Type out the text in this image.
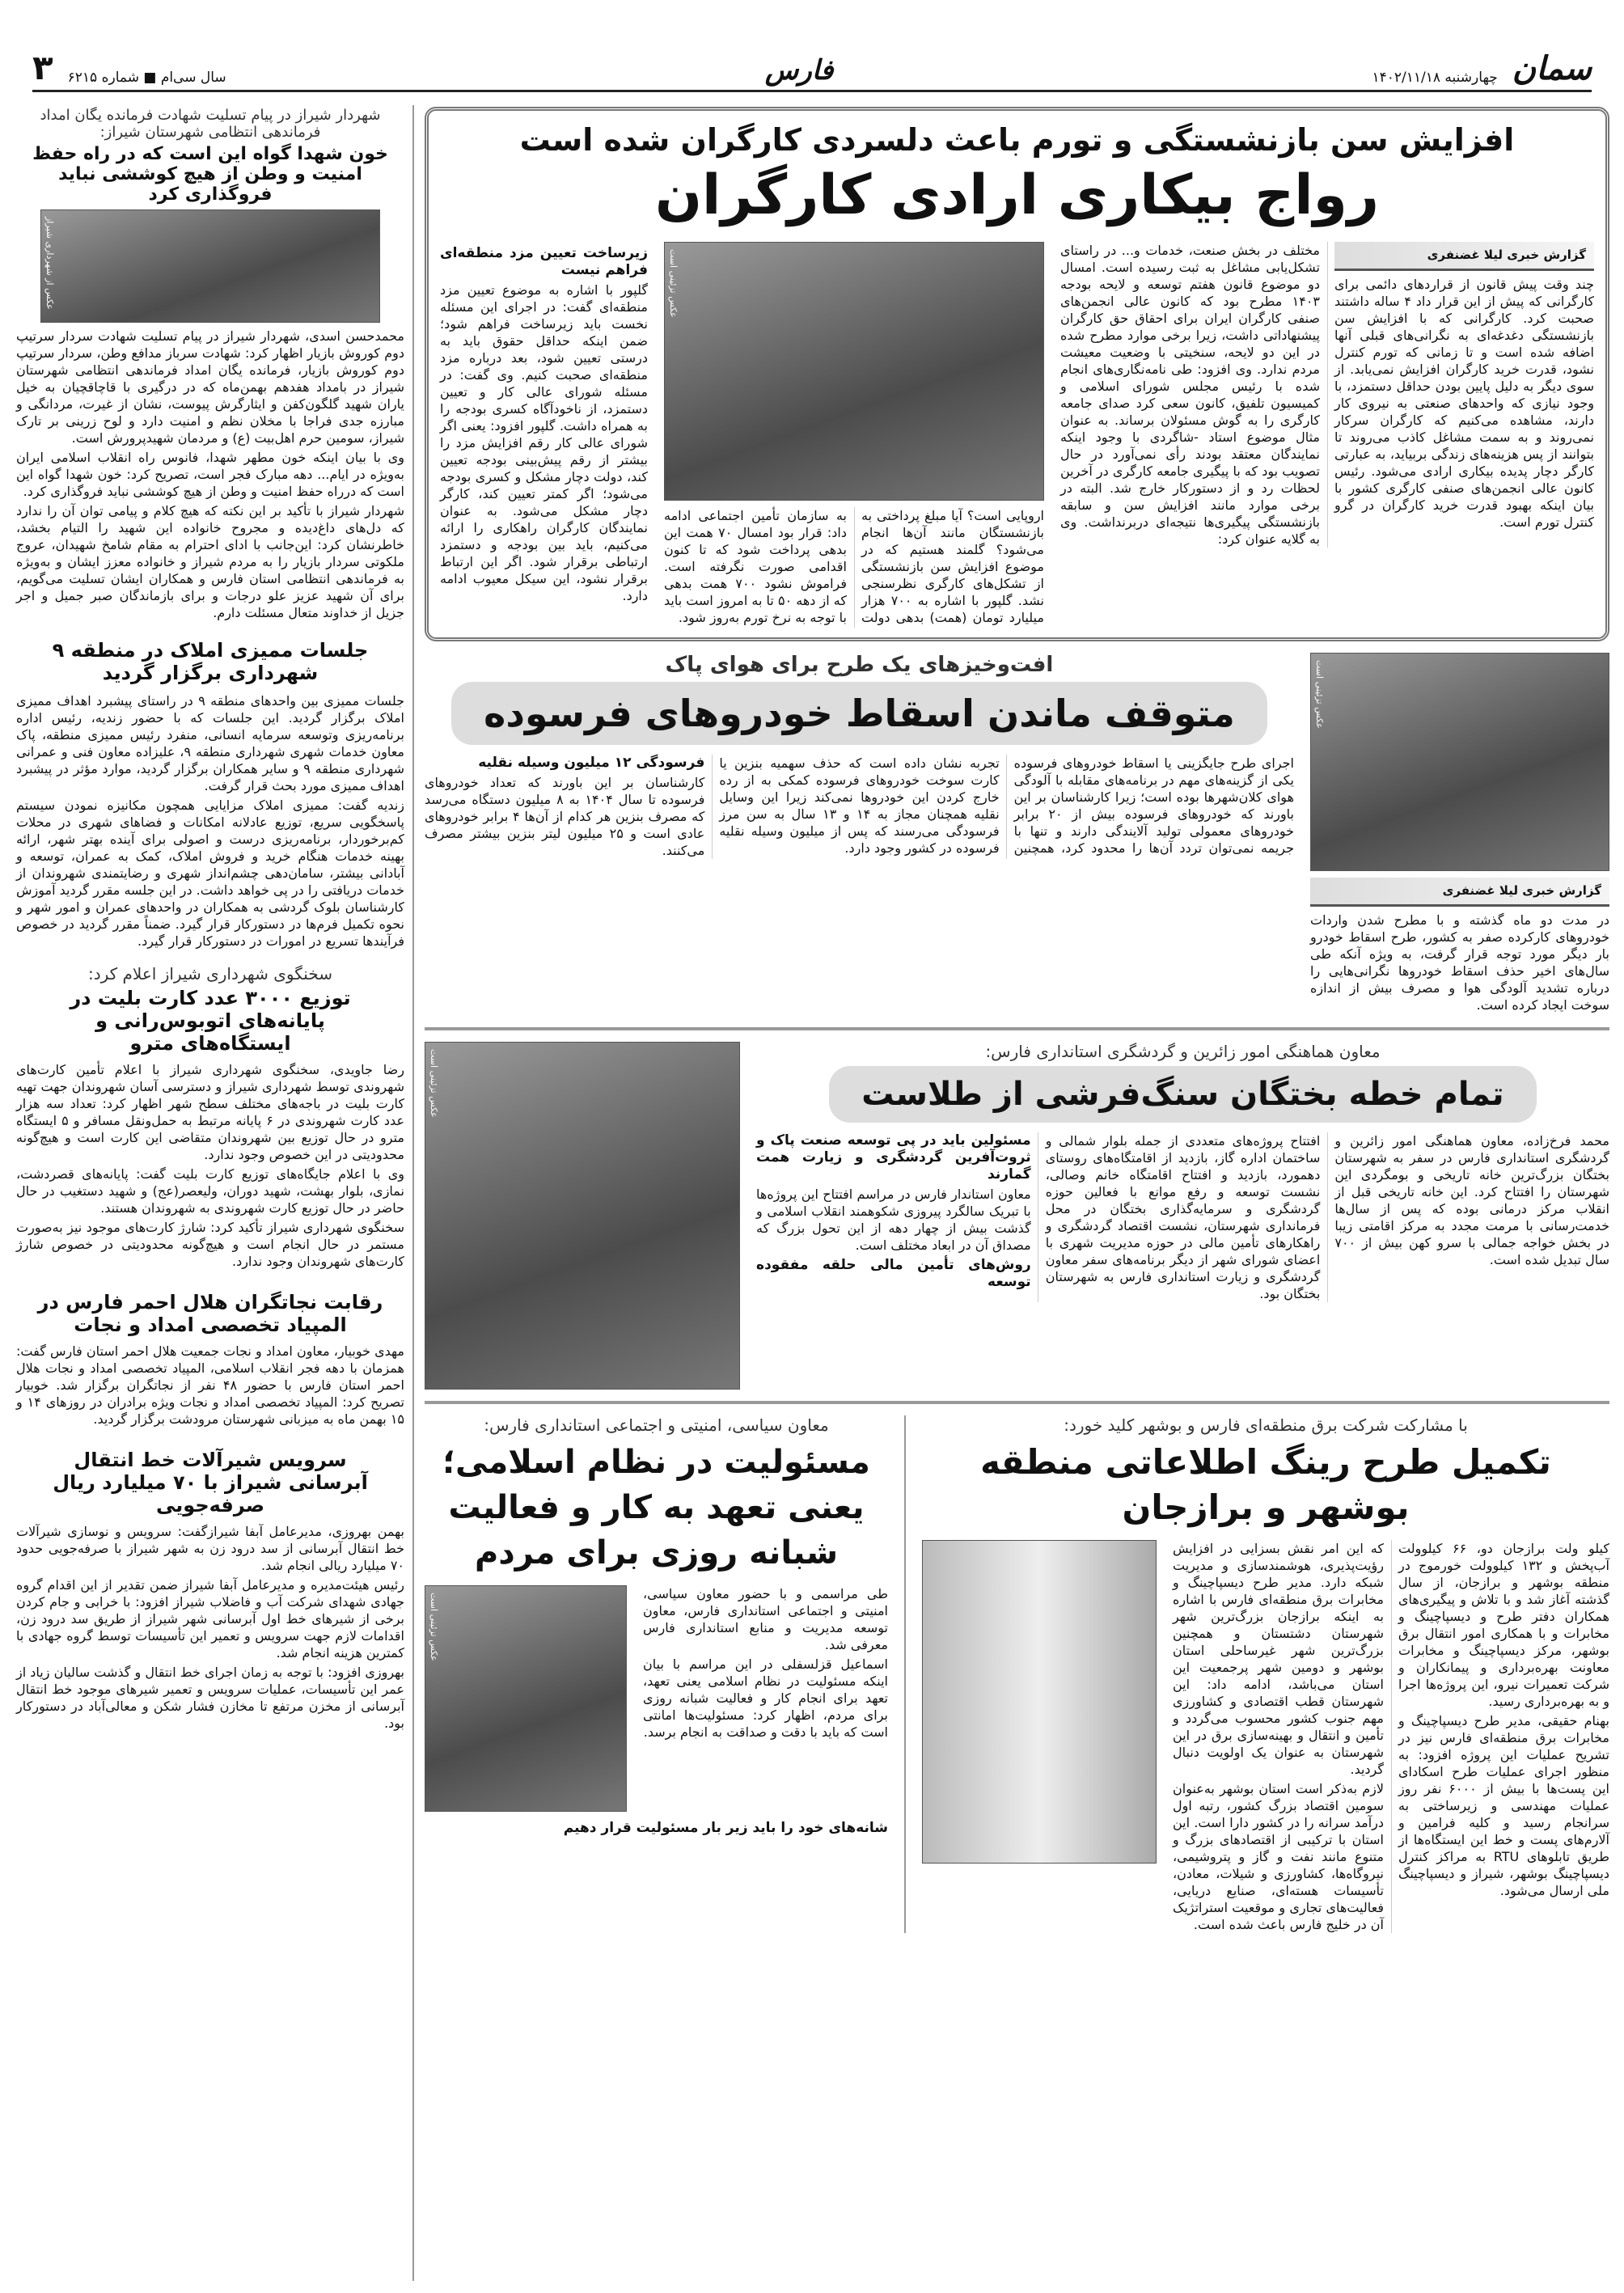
سمان
چهارشنبه ۱۴۰۲/۱۱/۱۸
فارس
سال سی‌ام ■ شماره ۶۲۱۵
۳
افزایش سن بازنشستگی و تورم باعث دلسردی کارگران شده است
رواج بیکاری ارادی کارگران
گزارش خبری لیلا غضنفری

چند وقت پیش قانون از قراردهای دائمی برای کارگرانی که پیش از این قرار داد ۴ ساله داشتند صحبت کرد. کارگرانی که با افزایش سن بازنشستگی دغدغه‌ای به نگرانی‌های قبلی آنها اضافه شده است و تا زمانی که تورم کنترل نشود، قدرت خرید کارگران افزایش نمی‌یابد. از سوی دیگر به دلیل پایین بودن حداقل دستمزد، با وجود نیازی که واحدهای صنعتی به نیروی کار دارند، مشاهده می‌کنیم که کارگران سرکار نمی‌روند و به سمت مشاغل کاذب می‌روند تا بتوانند از پس هزینه‌های زندگی بربیاید، به عبارتی کارگر دچار پدیده بیکاری ارادی می‌شود. رئیس کانون عالی انجمن‌های صنفی کارگری کشور با بیان اینکه بهبود قدرت خرید کارگران در گرو کنترل تورم است.

مختلف در بخش صنعت، خدمات و... در راستای تشکل‌یابی مشاغل به ثبت رسیده است. امسال دو موضوع قانون هفتم توسعه و لایحه بودجه ۱۴۰۳ مطرح بود که کانون عالی انجمن‌های صنفی کارگران ایران برای احقاق حق کارگران پیشنهاداتی داشت، زیرا برخی موارد مطرح شده در این دو لایحه، سنخیتی با وضعیت معیشت مردم ندارد. وی افزود: طی نامه‌نگاری‌های انجام شده با رئیس مجلس شورای اسلامی و کمیسیون تلفیق، کانون سعی کرد صدای جامعه کارگری را به گوش مسئولان برساند. به عنوان مثال موضوع استاد -شاگردی با وجود اینکه نمایندگان معتقد بودند رأی نمی‌آورد در حال تصویب بود که با پیگیری جامعه کارگری در آخرین لحظات رد و از دستورکار خارج شد. البته در برخی موارد مانند افزایش سن و سابقه بازنشستگی پیگیری‌ها نتیجه‌ای دربرنداشت. وی به گلایه عنوان کرد:

عکس تزئینی است

اروپایی است؟ آیا مبلغ پرداختی به بازنشستگان مانند آن‌ها انجام می‌شود؟ گلمند هستیم که در موضوع افزایش سن بازنشستگی از تشکل‌های کارگری نظرسنجی نشد. گلپور با اشاره به ۷۰۰ هزار میلیارد تومان (همت) بدهی دولت به سازمان تأمین اجتماعی ادامه داد: قرار بود امسال ۷۰ همت این بدهی پرداخت شود که تا کنون اقدامی صورت نگرفته است. فراموش نشود ۷۰۰ همت بدهی که از دهه ۵۰ تا به امروز است باید با توجه به نرخ تورم به‌روز شود.

زیرساخت تعیین مزد منطقه‌ای فراهم نیست

گلپور با اشاره به موضوع تعیین مزد منطقه‌ای گفت: در اجرای این مسئله نخست باید زیرساخت فراهم شود؛ ضمن اینکه حداقل حقوق باید به درستی تعیین شود، بعد درباره مزد منطقه‌ای صحبت کنیم. وی گفت: در مسئله شورای عالی کار و تعیین دستمزد، از ناخودآگاه کسری بودجه را به همراه داشت. گلپور افزود: یعنی اگر شورای عالی کار رقم افزایش مزد را بیشتر از رقم پیش‌بینی بودجه تعیین کند، دولت دچار مشکل و کسری بودجه می‌شود؛ اگر کمتر تعیین کند، کارگر دچار مشکل می‌شود. به عنوان نمایندگان کارگران راهکاری را ارائه می‌کنیم، باید بین بودجه و دستمزد ارتباطی برقرار شود. اگر این ارتباط برقرار نشود، این سیکل معیوب ادامه دارد.

عکس تزئینی است
گزارش خبری لیلا غضنفری

در مدت دو ماه گذشته و با مطرح شدن واردات خودروهای کارکرده صفر به کشور، طرح اسقاط خودرو بار دیگر مورد توجه قرار گرفت، به ویژه آنکه طی سال‌های اخیر حذف اسقاط خودروها نگرانی‌هایی را درباره تشدید آلودگی هوا و مصرف بیش از اندازه سوخت ایجاد کرده است.

افت‌وخیزهای یک طرح برای هوای پاک
متوقف ماندن اسقاط خودروهای فرسوده

اجرای طرح جایگزینی یا اسقاط خودروهای فرسوده یکی از گزینه‌های مهم در برنامه‌های مقابله با آلودگی هوای کلان‌شهرها بوده است؛ زیرا کارشناسان بر این باورند که خودروهای فرسوده بیش از ۲۰ برابر خودروهای معمولی تولید آلایندگی دارند و تنها با جریمه نمی‌توان تردد آن‌ها را محدود کرد، همچنین تجربه نشان داده است که حذف سهمیه بنزین یا کارت سوخت خودروهای فرسوده کمکی به از رده خارج کردن این خودروها نمی‌کند زیرا این وسایل نقلیه همچنان مجاز به ۱۴ و ۱۳ سال به سن مرز فرسودگی می‌رسند که پس از میلیون وسیله نقلیه فرسوده در کشور وجود دارد.

فرسودگی ۱۲ میلیون وسیله نقلیه

کارشناسان بر این باورند که تعداد خودروهای فرسوده تا سال ۱۴۰۴ به ۸ میلیون دستگاه می‌رسد که مصرف بنزین هر کدام از آن‌ها ۴ برابر خودروهای عادی است و ۲۵ میلیون لیتر بنزین بیشتر مصرف می‌کنند.

معاون هماهنگی امور زائرین و گردشگری استانداری فارس:
تمام خطه بختگان سنگ‌فرشی از طلاست

محمد فرخ‌زاده، معاون هماهنگی امور زائرین و گردشگری استانداری فارس در سفر به شهرستان بختگان بزرگ‌ترین خانه تاریخی و بومگردی این شهرستان را افتتاح کرد. این خانه تاریخی قبل از انقلاب مرکز درمانی بوده که پس از سال‌ها خدمت‌رسانی با مرمت مجدد به مرکز اقامتی زیبا در بخش خواجه جمالی با سرو کهن بیش از ۷۰۰ سال تبدیل شده است.

افتتاح پروژه‌های متعددی از جمله بلوار شمالی و ساختمان اداره گاز، بازدید از اقامتگاه‌های روستای دهمورد، بازدید و افتتاح اقامتگاه خانم وصالی، نشست توسعه و رفع موانع با فعالین حوزه گردشگری و سرمایه‌گذاری بختگان در محل فرمانداری شهرستان، نشست اقتصاد گردشگری و راهکارهای تأمین مالی در حوزه مدیریت شهری با اعضای شورای شهر از دیگر برنامه‌های سفر معاون گردشگری و زیارت استانداری فارس به شهرستان بختگان بود.

مسئولین باید در پی توسعه صنعت پاک و ثروت‌آفرین گردشگری و زیارت همت گمارند

معاون استاندار فارس در مراسم افتتاح این پروژه‌ها با تبریک سالگرد پیروزی شکوهمند انقلاب اسلامی و گذشت بیش از چهار دهه از این تحول بزرگ که مصداق آن در ابعاد مختلف است.

روش‌های تأمین مالی حلقه مفقوده توسعه

عکس تزئینی است
با مشارکت شرکت برق منطقه‌ای فارس و بوشهر کلید خورد:
تکمیل طرح رینگ اطلاعاتی منطقه بوشهر و برازجان

کیلو ولت برازجان دو، ۶۶ کیلوولت آب‌پخش و ۱۳۲ کیلوولت خورموج در منطقه بوشهر و برازجان، از سال گذشته آغاز شد و با تلاش و پیگیری‌های همکاران دفتر طرح و دیسپاچینگ و مخابرات و با همکاری امور انتقال برق بوشهر، مرکز دیسپاچینگ و مخابرات معاونت بهره‌برداری و پیمانکاران و شرکت تعمیرات نیرو، این پروژه‌ها اجرا و به بهره‌برداری رسید.

بهنام حقیقی، مدیر طرح دیسپاچینگ و مخابرات برق منطقه‌ای فارس نیز در تشریح عملیات این پروژه افزود: به منظور اجرای عملیات طرح اسکادای این پست‌ها با بیش از ۶۰۰۰ نفر روز عملیات مهندسی و زیرساختی به سرانجام رسید و کلیه فرامین و آلارم‌های پست و خط این ایستگاه‌ها از طریق تابلوهای RTU به مراکز کنترل دیسپاچینگ بوشهر، شیراز و دیسپاچینگ ملی ارسال می‌شود.

که این امر نقش بسزایی در افزایش رؤیت‌پذیری، هوشمندسازی و مدیریت شبکه دارد. مدیر طرح دیسپاچینگ و مخابرات برق منطقه‌ای فارس با اشاره به اینکه برازجان بزرگ‌ترین شهر شهرستان دشتستان و همچنین بزرگ‌ترین شهر غیرساحلی استان بوشهر و دومین شهر پرجمعیت این استان می‌باشد، ادامه داد: این شهرستان قطب اقتصادی و کشاورزی مهم جنوب کشور محسوب می‌گردد و تأمین و انتقال و بهینه‌سازی برق در این شهرستان به عنوان یک اولویت دنبال گردید.

لازم به‌ذکر است استان بوشهر به‌عنوان سومین اقتصاد بزرگ کشور، رتبه اول درآمد سرانه را در کشور دارا است. این استان با ترکیبی از اقتصادهای بزرگ و متنوع مانند نفت و گاز و پتروشیمی، نیروگاه‌ها، کشاورزی و شیلات، معادن، تأسیسات هسته‌ای، صنایع دریایی، فعالیت‌های تجاری و موقعیت استراتژیک آن در خلیج فارس باعث شده است.

معاون سیاسی، امنیتی و اجتماعی استانداری فارس:
مسئولیت در نظام اسلامی؛ یعنی تعهد به کار و فعالیت شبانه روزی برای مردم

طی مراسمی و با حضور معاون سیاسی، امنیتی و اجتماعی استانداری فارس، معاون توسعه مدیریت و منابع استانداری فارس معرفی شد.

اسماعیل قزلسفلی در این مراسم با بیان اینکه مسئولیت در نظام اسلامی یعنی تعهد، تعهد برای انجام کار و فعالیت شبانه روزی برای مردم، اظهار کرد: مسئولیت‌ها امانتی است که باید با دقت و صداقت به انجام برسد.

عکس تزئینی است

شانه‌های خود را باید زیر بار مسئولیت قرار دهیم

شهردار شیراز در پیام تسلیت شهادت فرمانده یگان امداد فرماندهی انتظامی شهرستان شیراز:
خون شهدا گواه این است که در راه حفظ امنیت و وطن از هیچ کوششی نباید فروگذاری کرد
عکس از شهرداری شیراز

محمدحسن اسدی، شهردار شیراز در پیام تسلیت شهادت سردار سرتیپ دوم کوروش بازیار اظهار کرد: شهادت سرباز مدافع وطن، سردار سرتیپ دوم کوروش بازیار، فرمانده یگان امداد فرماندهی انتظامی شهرستان شیراز در بامداد هفدهم بهمن‌ماه که در درگیری با قاچاقچیان به خیل یاران شهید گلگون‌کفن و ایثارگرش پیوست، نشان از غیرت، مردانگی و مبارزه جدی فراجا با مخلان نظم و امنیت دارد و لوح زرینی بر تارک شیراز، سومین حرم اهل‌بیت (ع) و مردمان شهیدپرورش است.

وی با بیان اینکه خون مطهر شهدا، فانوس راه انقلاب اسلامی ایران به‌ویژه در ایام... دهه مبارک فجر است، تصریح کرد: خون شهدا گواه این است که درراه حفظ امنیت و وطن از هیچ کوششی نباید فروگذاری کرد.

شهردار شیراز با تأکید بر این نکته که هیچ کلام و پیامی توان آن را ندارد که دل‌های داغ‌دیده و مجروح خانواده این شهید را التیام بخشد، خاطرنشان کرد: این‌جانب با ادای احترام به مقام شامخ شهیدان، عروج ملکوتی سردار بازیار را به مردم شیراز و خانواده معزز ایشان و به‌ویژه به فرماندهی انتظامی استان فارس و همکاران ایشان تسلیت می‌گویم، برای آن شهید عزیز علو درجات و برای بازماندگان صبر جمیل و اجر جزیل از خداوند متعال مسئلت دارم.

جلسات ممیزی املاک در منطقه ۹ شهرداری برگزار گردید

جلسات ممیزی بین واحدهای منطقه ۹ در راستای پیشبرد اهداف ممیزی املاک برگزار گردید. این جلسات که با حضور زندیه، رئیس اداره برنامه‌ریزی وتوسعه سرمایه انسانی، منفرد رئیس ممیزی منطقه، پاک معاون خدمات شهری شهرداری منطقه ۹، علیزاده معاون فنی و عمرانی شهرداری منطقه ۹ و سایر همکاران برگزار گردید، موارد مؤثر در پیشبرد اهداف ممیزی مورد بحث قرار گرفت.

زندیه گفت: ممیزی املاک مزایایی همچون مکانیزه نمودن سیستم پاسخگویی سریع، توزیع عادلانه امکانات و فضاهای شهری در محلات کم‌برخوردار، برنامه‌ریزی درست و اصولی برای آینده بهتر شهر، ارائه بهینه خدمات هنگام خرید و فروش املاک، کمک به عمران، توسعه و آبادانی بیشتر، سامان‌دهی چشم‌انداز شهری و رضایتمندی شهروندان از خدمات دریافتی را در پی خواهد داشت. در این جلسه مقرر گردید آموزش کارشناسان بلوک گردشی به همکاران در واحدهای عمران و امور شهر و نحوه تکمیل فرم‌ها در دستورکار قرار گیرد. ضمناً مقرر گردید در خصوص فرآیندها تسریع در امورات در دستورکار قرار گیرد.

سخنگوی شهرداری شیراز اعلام کرد:
توزیع ۳۰۰۰ عدد کارت بلیت در پایانه‌های اتوبوس‌رانی و ایستگاه‌های مترو

رضا جاویدی، سخنگوی شهرداری شیراز با اعلام تأمین کارت‌های شهروندی توسط شهرداری شیراز و دسترسی آسان شهروندان جهت تهیه کارت بلیت در باجه‌های مختلف سطح شهر اظهار کرد: تعداد سه هزار عدد کارت شهروندی در ۶ پایانه مرتبط به حمل‌ونقل مسافر و ۵ ایستگاه مترو در حال توزیع بین شهروندان متقاضی این کارت است و هیچ‌گونه محدودیتی در این خصوص وجود ندارد.

وی با اعلام جایگاه‌های توزیع کارت بلیت گفت: پایانه‌های قصردشت، نمازی، بلوار بهشت، شهید دوران، ولیعصر(عج) و شهید دستغیب در حال حاضر در حال توزیع کارت شهروندی به شهروندان هستند.

سخنگوی شهرداری شیراز تأکید کرد: شارژ کارت‌های موجود نیز به‌صورت مستمر در حال انجام است و هیچ‌گونه محدودیتی در خصوص شارژ کارت‌های شهروندان وجود ندارد.

رقابت نجاتگران هلال احمر فارس در المپیاد تخصصی امداد و نجات

مهدی خوبیار، معاون امداد و نجات جمعیت هلال احمر استان فارس گفت: همزمان با دهه فجر انقلاب اسلامی، المپیاد تخصصی امداد و نجات هلال احمر استان فارس با حضور ۴۸ نفر از نجاتگران برگزار شد. خوبیار تصریح کرد: المپیاد تخصصی امداد و نجات ویژه برادران در روزهای ۱۴ و ۱۵ بهمن ماه به میزبانی شهرستان مرودشت برگزار گردید.

سرویس شیرآلات خط انتقال آبرسانی شیراز با ۷۰ میلیارد ریال صرفه‌جویی

بهمن بهروزی، مدیرعامل آبفا شیرازگفت: سرویس و نوسازی شیرآلات خط انتقال آبرسانی از سد درود زن به شهر شیراز با صرفه‌جویی حدود ۷۰ میلیارد ریالی انجام شد.

رئیس هیئت‌مدیره و مدیرعامل آبفا شیراز ضمن تقدیر از این اقدام گروه جهادی شهدای شرکت آب و فاضلاب شیراز افزود: با خرابی و جام کردن برخی از شیرهای خط اول آبرسانی شهر شیراز از طریق سد درود زن، اقدامات لازم جهت سرویس و تعمیر این تأسیسات توسط گروه جهادی با کمترین هزینه انجام شد.

بهروزی افزود: با توجه به زمان اجرای خط انتقال و گذشت سالیان زیاد از عمر این تأسیسات، عملیات سرویس و تعمیر شیرهای موجود خط انتقال آبرسانی از مخزن مرتفع تا مخازن فشار شکن و معالی‌آباد در دستورکار بود.
